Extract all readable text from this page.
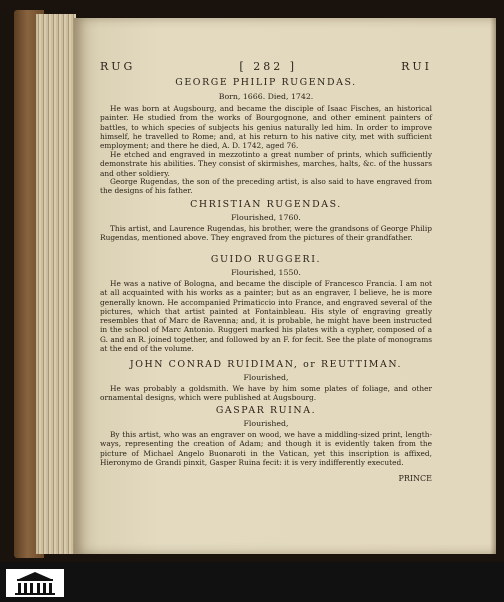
RUG	[ 282 ]	RUI

GEORGE PHILIP RUGENDAS.

Born, 1666. Died, 1742.

He was born at Augsbourg, and became the disciple of Isaac Fisches, an historical painter. He studied from the works of Bourgognone, and other eminent painters of battles, to which species of subjects his genius naturally led him. In order to improve himself, he travelled to Rome; and, at his return to his native city, met with sufficient employment; and there he died, A. D. 1742, aged 76.

He etched and engraved in mezzotinto a great number of prints, which sufficiently demonstrate his abilities. They consist of skirmishes, marches, halts, &c. of the hussars and other soldiery.

George Rugendas, the son of the preceding artist, is also said to have engraved from the designs of his father.

CHRISTIAN RUGENDAS.

Flourished, 1760.

This artist, and Laurence Rugendas, his brother, were the grandsons of George Philip Rugendas, mentioned above. They engraved from the pictures of their grandfather.

GUIDO RUGGERI.

Flourished, 1550.

He was a native of Bologna, and became the disciple of Francesco Francia. I am not at all acquainted with his works as a painter; but as an engraver, I believe, he is more generally known. He accompanied Primaticcio into France, and engraved several of the pictures, which that artist painted at Fontainbleau. His style of engraving greatly resembles that of Marc de Ravenna; and, it is probable, he might have been instructed in the school of Marc Antonio. Ruggeri marked his plates with a cypher, composed of a G. and an R. joined together, and followed by an F. for fecit. See the plate of monograms at the end of the volume.

JOHN CONRAD RUIDIMAN, or REUTTIMAN.

Flourished,

He was probably a goldsmith. We have by him some plates of foliage, and other ornamental designs, which were published at Augsbourg.

GASPAR RUINA.

Flourished,

By this artist, who was an engraver on wood, we have a middling-sized print, length-ways, representing the creation of Adam; and though it is evidently taken from the picture of Michael Angelo Buonaroti in the Vatican, yet this inscription is affixed, Hieronymo de Grandi pinxit, Gasper Ruina fecit: it is very indifferently executed.

PRINCE
